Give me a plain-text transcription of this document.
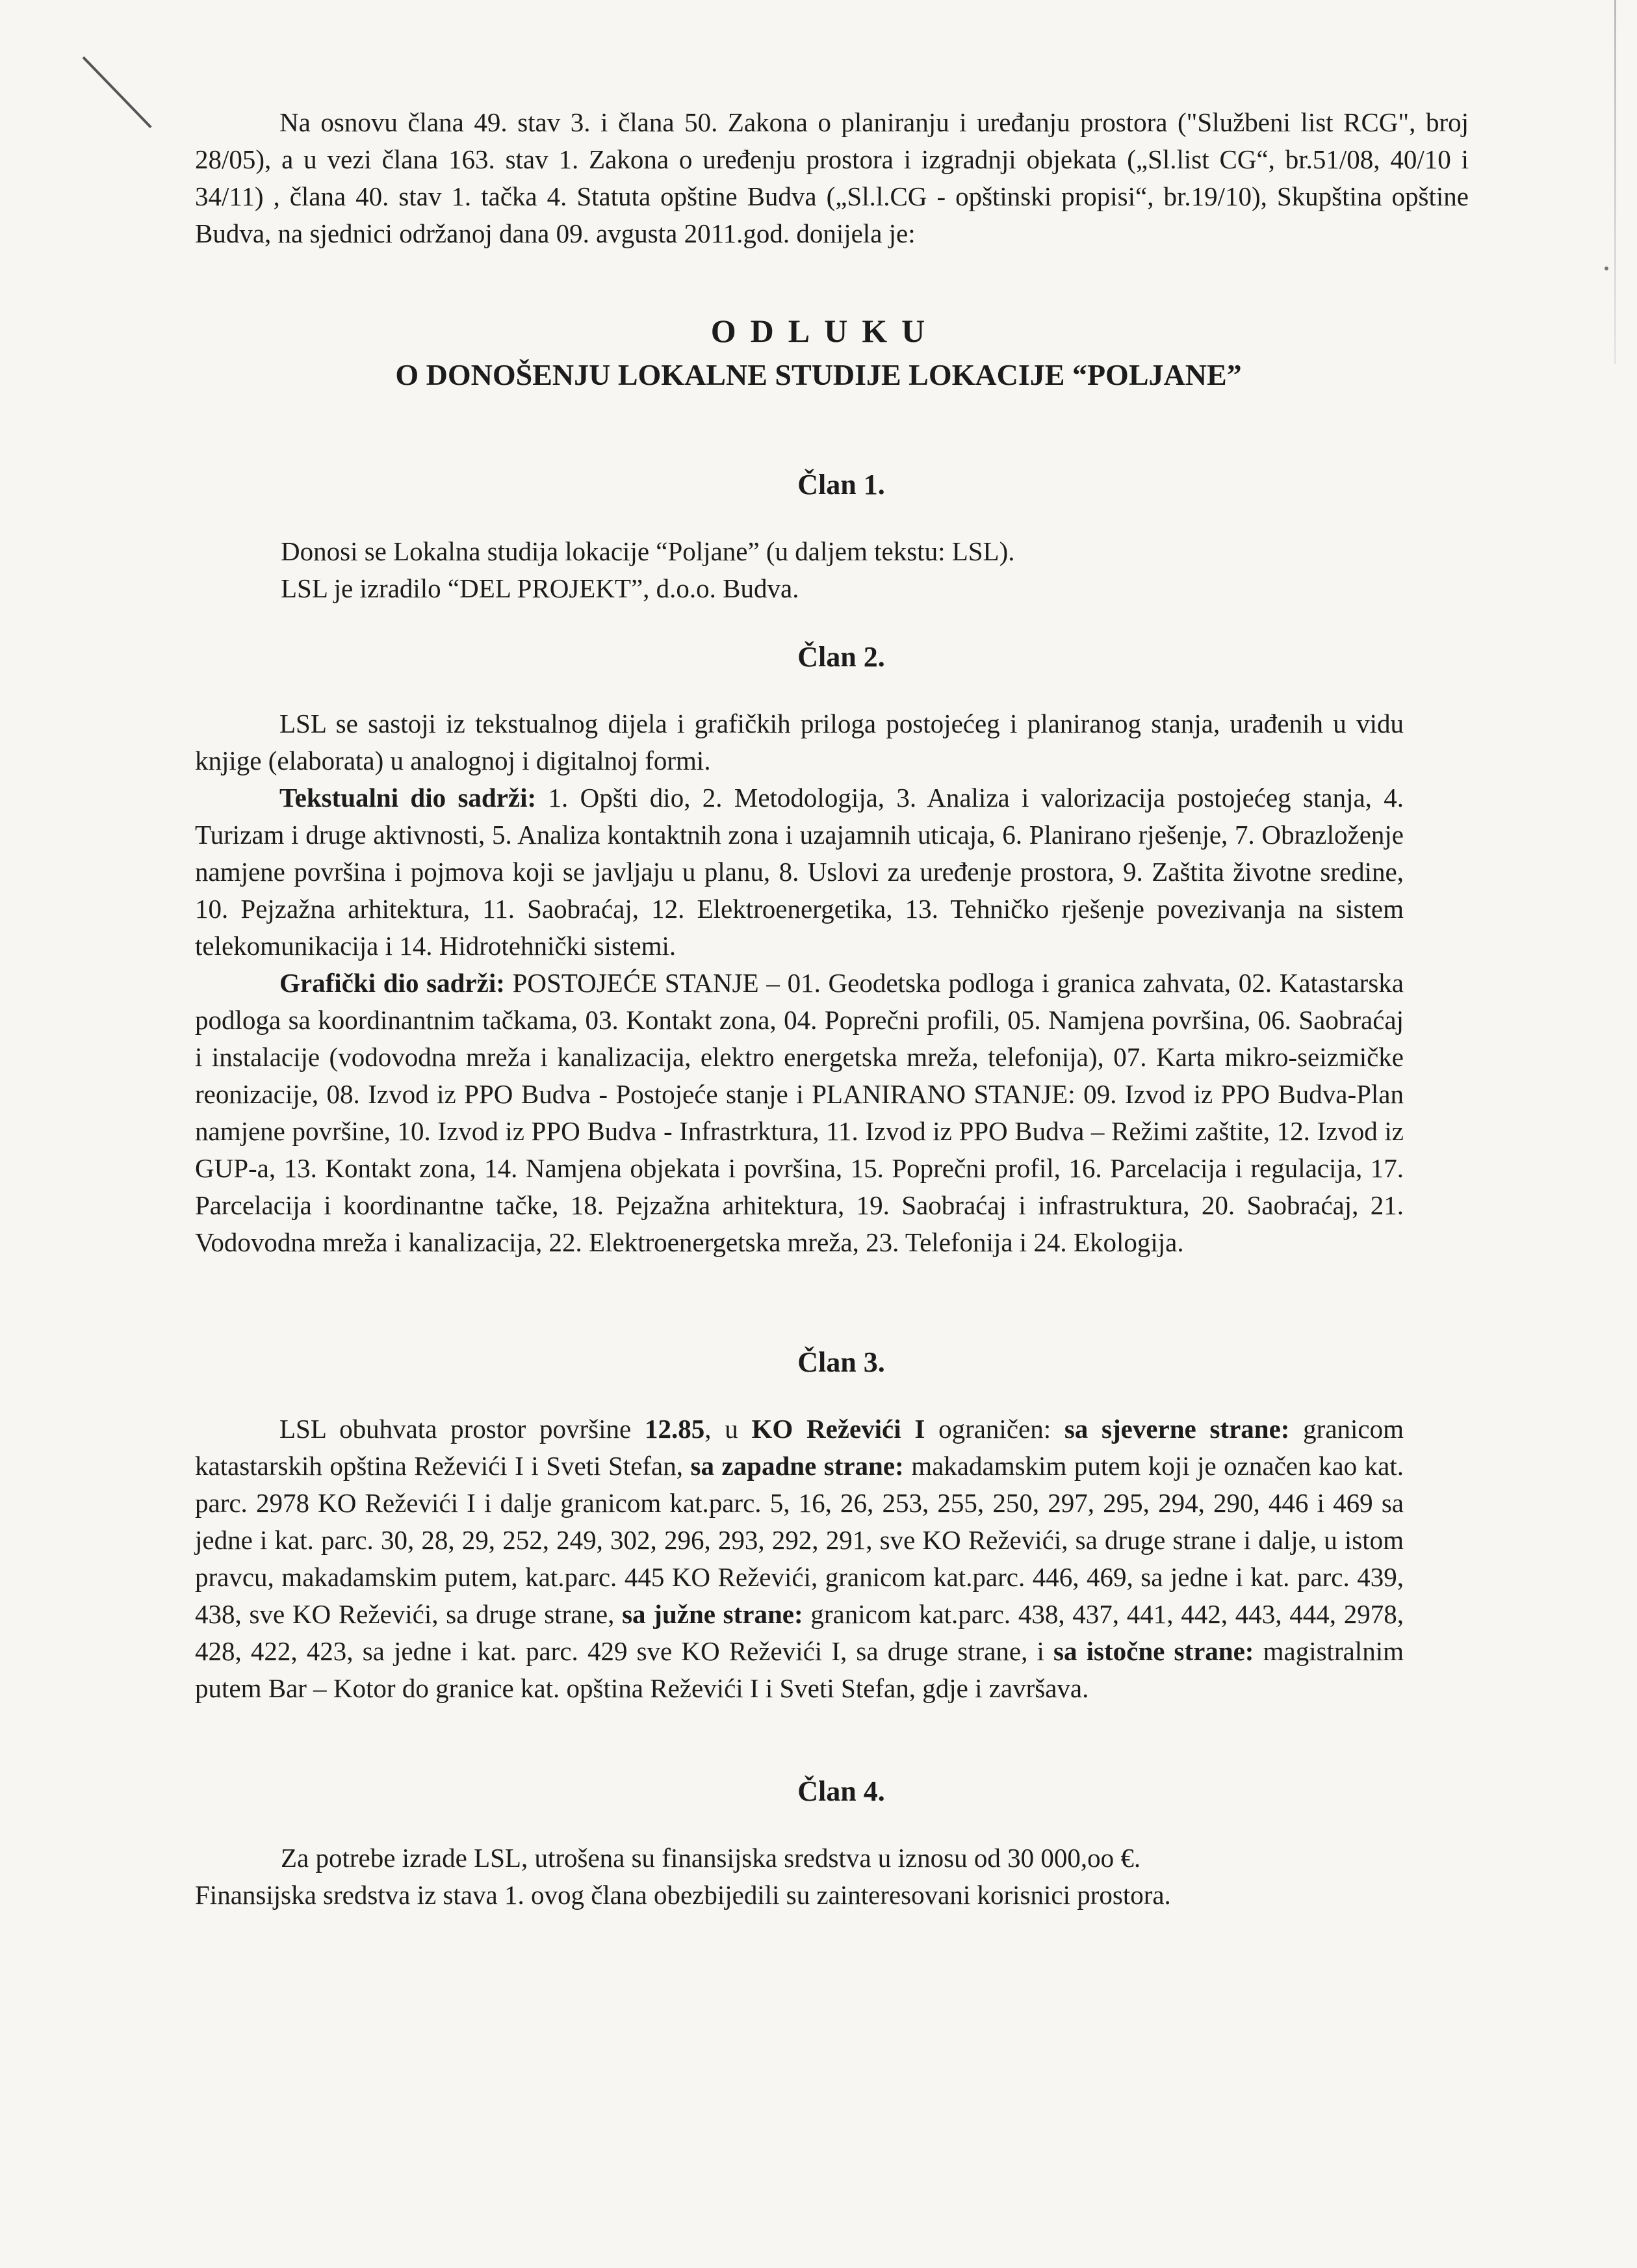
Na osnovu člana 49. stav 3. i člana 50. Zakona o planiranju i uređanju prostora ("Službeni list RCG", broj 28/05), a u vezi člana 163. stav 1. Zakona o uređenju prostora i izgradnji objekata („Sl.list CG“, br.51/08, 40/10 i 34/11) , člana 40. stav 1. tačka 4. Statuta opštine Budva („Sl.l.CG - opštinski propisi“, br.19/10), Skupština opštine Budva, na sjednici održanoj dana 09. avgusta 2011.god. donijela je:
ODLUKU
O DONOŠENJU LOKALNE STUDIJE LOKACIJE “POLJANE”
Član 1.
Donosi se Lokalna studija lokacije “Poljane” (u daljem tekstu: LSL).
LSL je izradilo “DEL PROJEKT”, d.o.o. Budva.
Član 2.
LSL se sastoji iz tekstualnog dijela i grafičkih priloga postojećeg i planiranog stanja, urađenih u vidu knjige (elaborata) u analognoj i digitalnoj formi.
Tekstualni dio sadrži: 1. Opšti dio, 2. Metodologija, 3. Analiza i valorizacija postojećeg stanja, 4. Turizam i druge aktivnosti, 5. Analiza kontaktnih zona i uzajamnih uticaja, 6. Planirano rješenje, 7. Obrazloženje namjene površina i pojmova koji se javljaju u planu, 8. Uslovi za uređenje prostora, 9. Zaštita životne sredine, 10. Pejzažna arhitektura, 11. Saobraćaj, 12. Elektroenergetika, 13. Tehničko rješenje povezivanja na sistem telekomunikacija i 14. Hidrotehnički sistemi.
Grafički dio sadrži: POSTOJEĆE STANJE – 01. Geodetska podloga i granica zahvata, 02. Katastarska podloga sa koordinantnim tačkama, 03. Kontakt zona, 04. Poprečni profili, 05. Namjena površina, 06. Saobraćaj i instalacije (vodovodna mreža i kanalizacija, elektro energetska mreža, telefonija), 07. Karta mikro-seizmičke reonizacije, 08. Izvod iz PPO Budva - Postojeće stanje i PLANIRANO STANJE: 09. Izvod iz PPO Budva-Plan namjene površine, 10. Izvod iz PPO Budva - Infrastrktura, 11. Izvod iz PPO Budva – Režimi zaštite, 12. Izvod iz GUP-a, 13. Kontakt zona, 14. Namjena objekata i površina, 15. Poprečni profil, 16. Parcelacija i regulacija, 17. Parcelacija i koordinantne tačke, 18. Pejzažna arhitektura, 19. Saobraćaj i infrastruktura, 20. Saobraćaj, 21. Vodovodna mreža i kanalizacija, 22. Elektroenergetska mreža, 23. Telefonija i 24. Ekologija.
Član 3.
LSL obuhvata prostor površine 12.85, u KO Reževići I ograničen: sa sjeverne strane: granicom katastarskih opština Reževići I i Sveti Stefan, sa zapadne strane: makadamskim putem koji je označen kao kat. parc. 2978 KO Reževići I i dalje granicom kat.parc. 5, 16, 26, 253, 255, 250, 297, 295, 294, 290, 446 i 469 sa jedne i kat. parc. 30, 28, 29, 252, 249, 302, 296, 293, 292, 291, sve KO Reževići, sa druge strane i dalje, u istom pravcu, makadamskim putem, kat.parc. 445 KO Reževići, granicom kat.parc. 446, 469, sa jedne i kat. parc. 439, 438, sve KO Reževići, sa druge strane, sa južne strane: granicom kat.parc. 438, 437, 441, 442, 443, 444, 2978, 428, 422, 423, sa jedne i kat. parc. 429 sve KO Reževići I, sa druge strane, i sa istočne strane: magistralnim putem Bar – Kotor do granice kat. opština Reževići I i Sveti Stefan, gdje i završava.
Član 4.
Za potrebe izrade LSL, utrošena su finansijska sredstva u iznosu od 30 000,oo €.
Finansijska sredstva iz stava 1. ovog člana obezbijedili su zainteresovani korisnici prostora.
